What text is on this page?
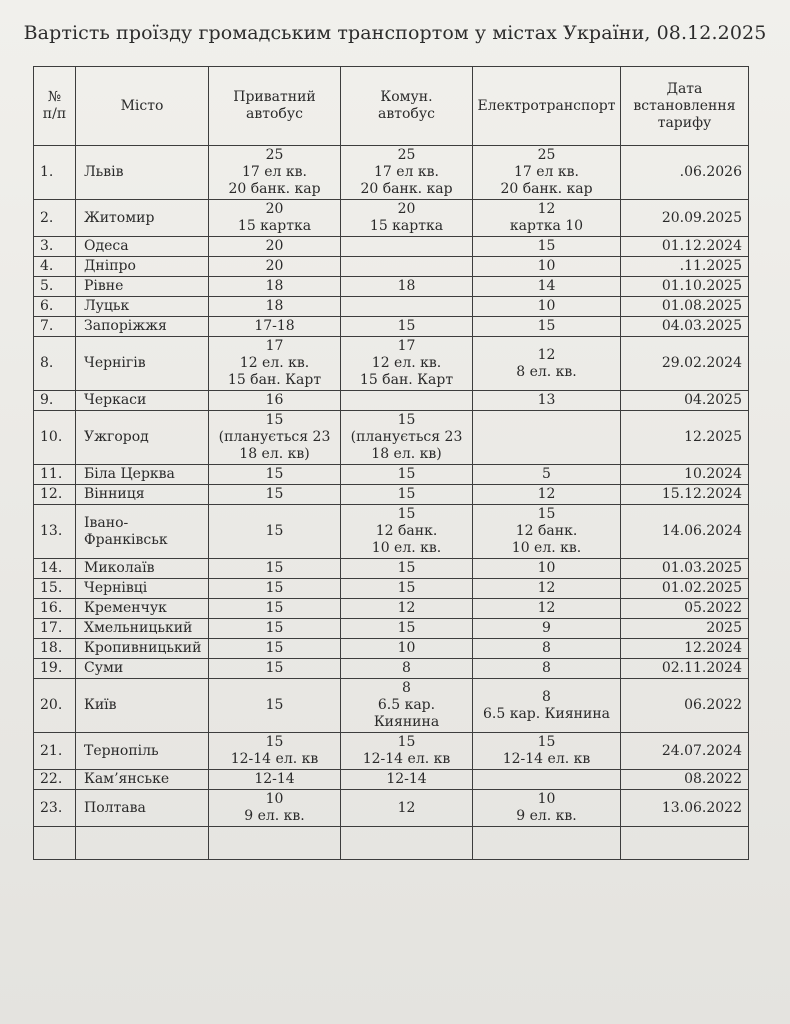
Вартість проїзду громадським транспортом у містах України, 08.12.2025
№
п/п	Місто	Приватний
автобус	Комун.
автобус	Електротранспорт	Дата
встановлення
тарифу
1.	Львів	25
17 ел кв.
20 банк. кар	25
17 ел кв.
20 банк. кар	25
17 ел кв.
20 банк. кар	.06.2026
2.	Житомир	20
15 картка	20
15 картка	12
картка 10	20.09.2025
3.	Одеса	20		15	01.12.2024
4.	Дніпро	20		10	.11.2025
5.	Рівне	18	18	14	01.10.2025
6.	Луцьк	18		10	01.08.2025
7.	Запоріжжя	17-18	15	15	04.03.2025
8.	Чернігів	17
12 ел. кв.
15 бан. Карт	17
12 ел. кв.
15 бан. Карт	12
8 ел. кв.	29.02.2024
9.	Черкаси	16		13	04.2025
10.	Ужгород	15
(планується 23
18 ел. кв)	15
(планується 23
18 ел. кв)		12.2025
11.	Біла Церква	15	15	5	10.2024
12.	Вінниця	15	15	12	15.12.2024
13.	Івано-
Франківськ	15	15
12 банк.
10 ел. кв.	15
12 банк.
10 ел. кв.	14.06.2024
14.	Миколаїв	15	15	10	01.03.2025
15.	Чернівці	15	15	12	01.02.2025
16.	Кременчук	15	12	12	05.2022
17.	Хмельницький	15	15	9	2025
18.	Кропивницький	15	10	8	12.2024
19.	Суми	15	8	8	02.11.2024
20.	Київ	15	8
6.5 кар.
Киянина	8
6.5 кар. Киянина	06.2022
21.	Тернопіль	15
12-14 ел. кв	15
12-14 ел. кв	15
12-14 ел. кв	24.07.2024
22.	Кам’янське	12-14	12-14		08.2022
23.	Полтава	10
9 ел. кв.	12	10
9 ел. кв.	13.06.2022
